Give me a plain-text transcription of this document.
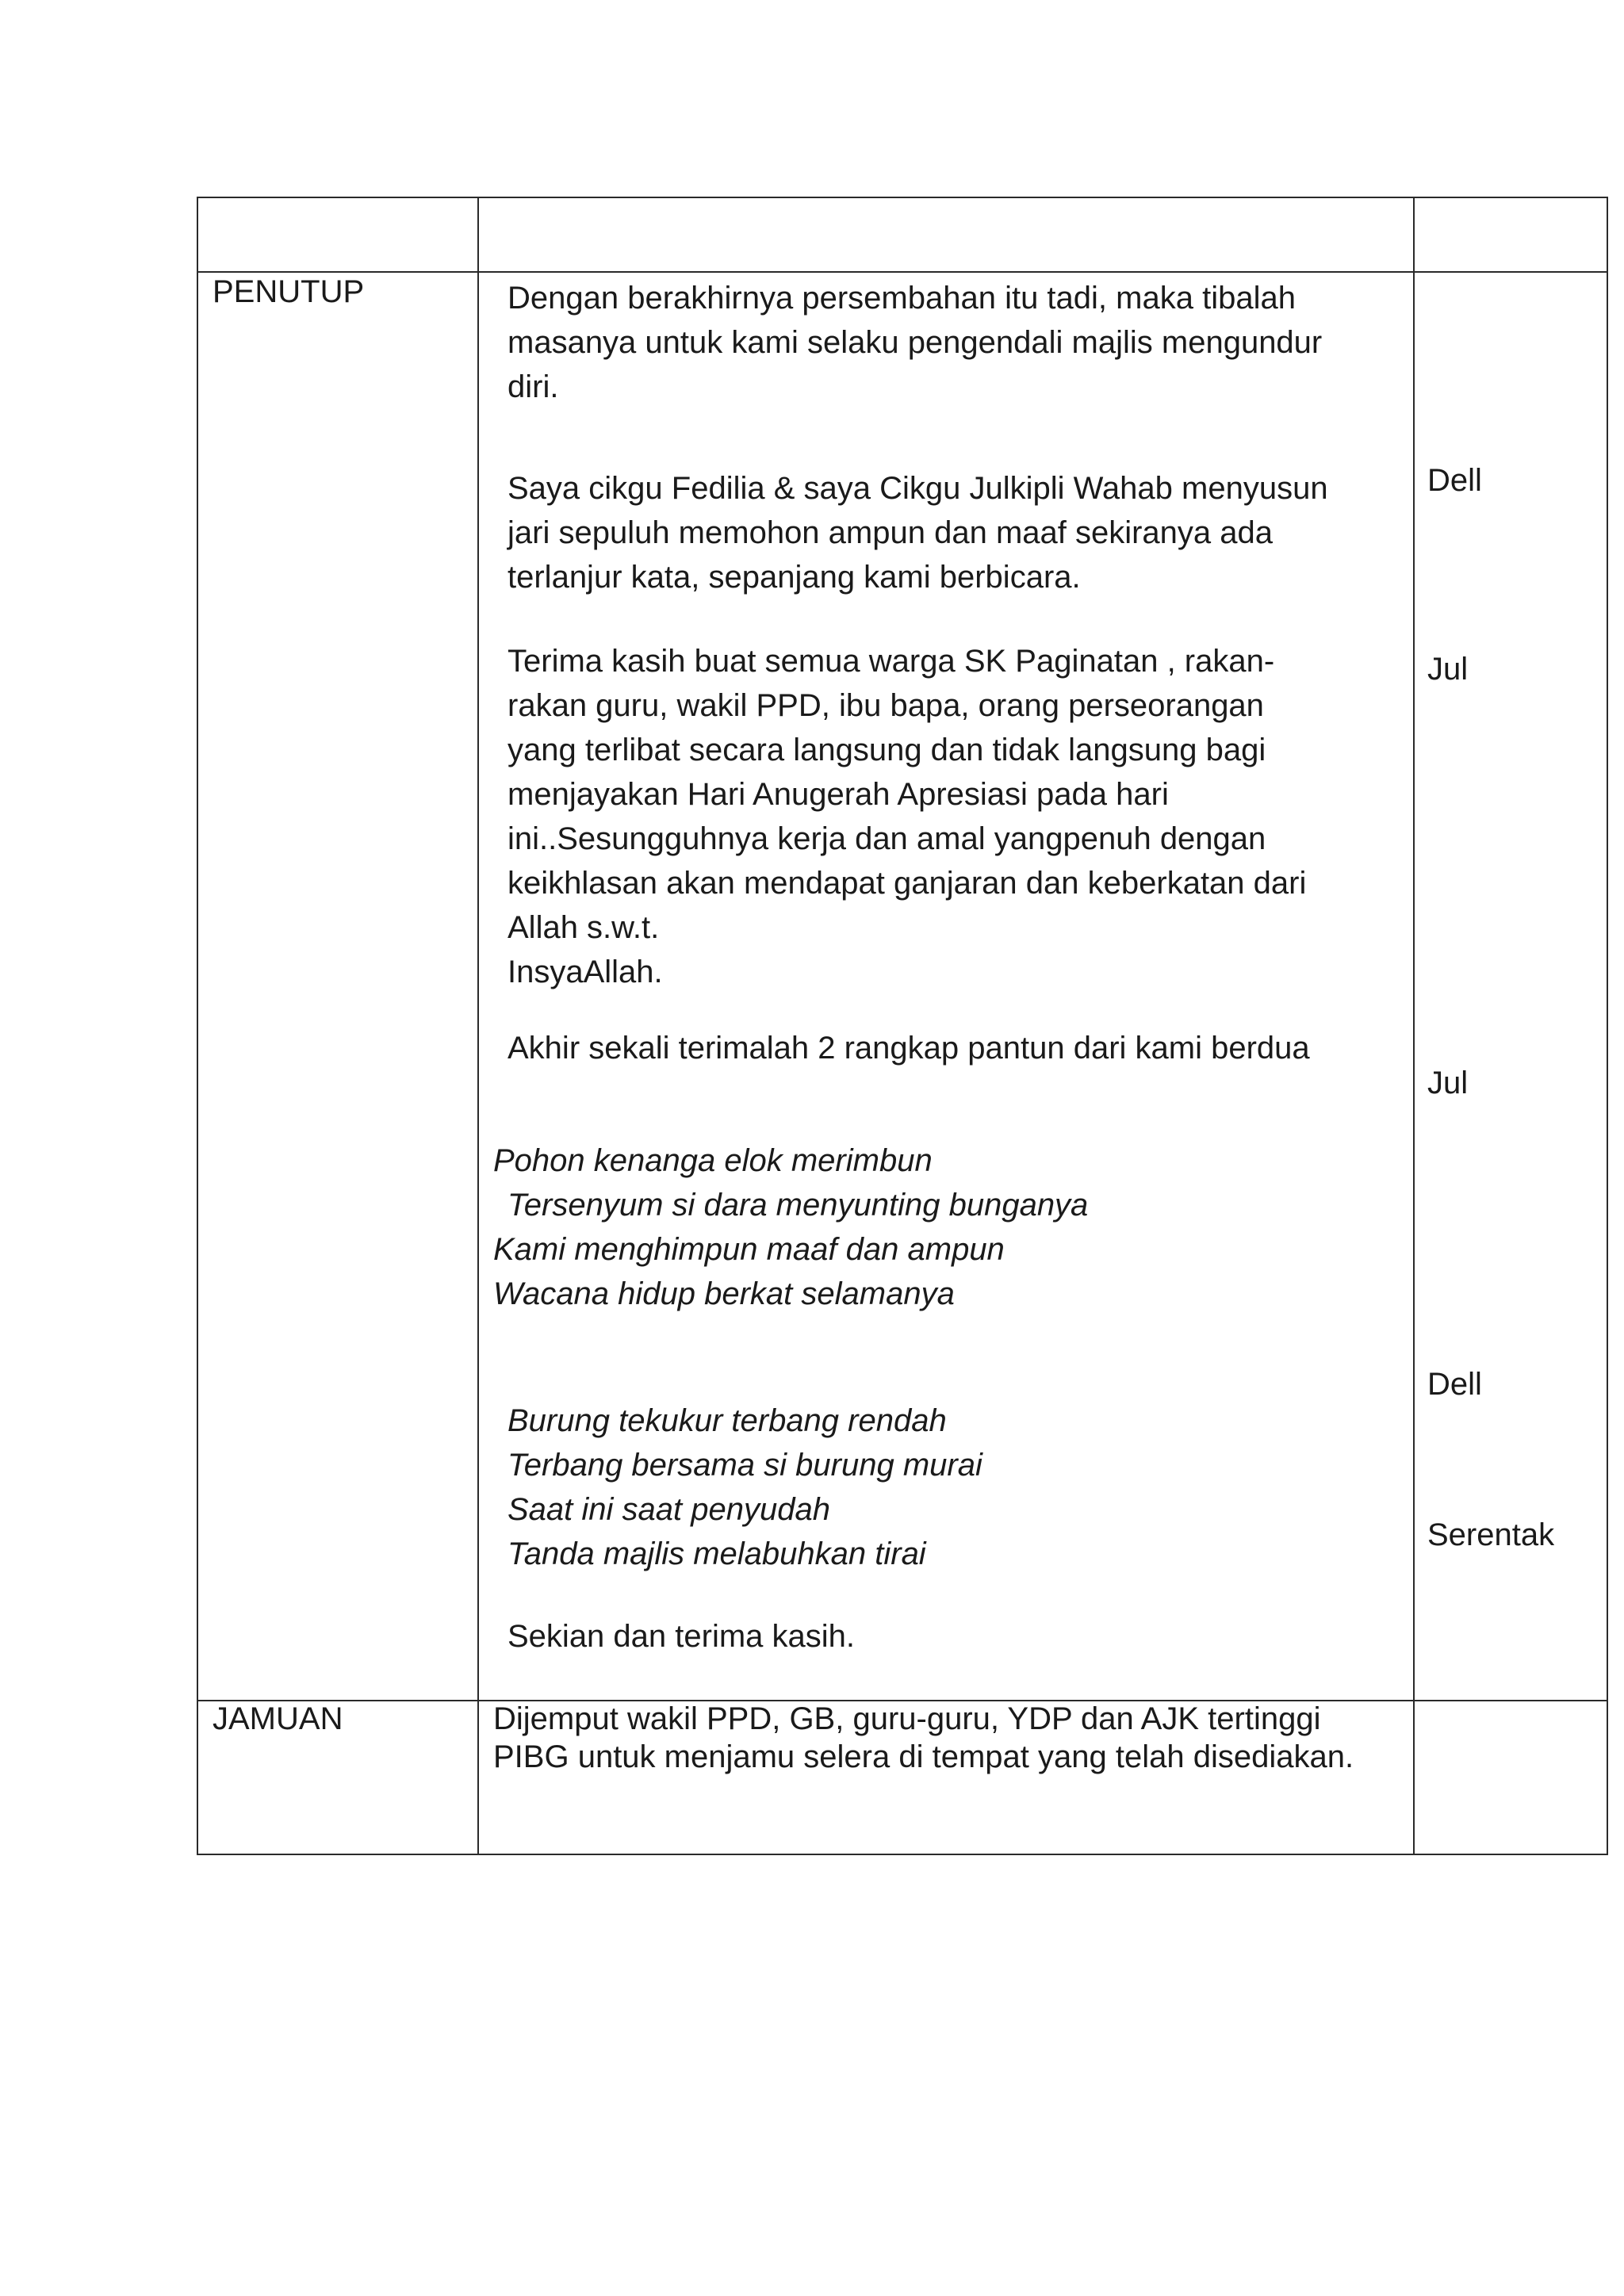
PENUTUP	Dengan berakhirnya persembahan itu tadi, maka tibalah
masanya untuk kami selaku pengendali majlis mengundur
diri.
Saya cikgu Fedilia & saya Cikgu Julkipli Wahab menyusun
jari sepuluh memohon ampun dan maaf sekiranya ada
terlanjur kata, sepanjang kami berbicara.
Terima kasih buat semua warga SK Paginatan , rakan-
rakan guru, wakil PPD, ibu bapa, orang perseorangan
yang terlibat secara langsung dan tidak langsung bagi
menjayakan Hari Anugerah Apresiasi pada hari
ini..Sesungguhnya kerja dan amal yangpenuh dengan
keikhlasan akan mendapat ganjaran dan keberkatan dari
Allah s.w.t.
InsyaAllah.
Akhir sekali terimalah 2 rangkap pantun dari kami berdua
Pohon kenanga elok merimbun
Tersenyum si dara menyunting bunganya
Kami menghimpun maaf dan ampun
Wacana hidup berkat selamanya
Burung tekukur terbang rendah
Terbang bersama si burung murai
Saat ini saat penyudah
Tanda majlis melabuhkan tirai
Sekian dan terima kasih.
Dell
Jul
Jul
Dell
Serentak
JAMUAN	Dijemput wakil PPD, GB, guru-guru, YDP dan AJK tertinggi
PIBG untuk menjamu selera di tempat yang telah disediakan.
